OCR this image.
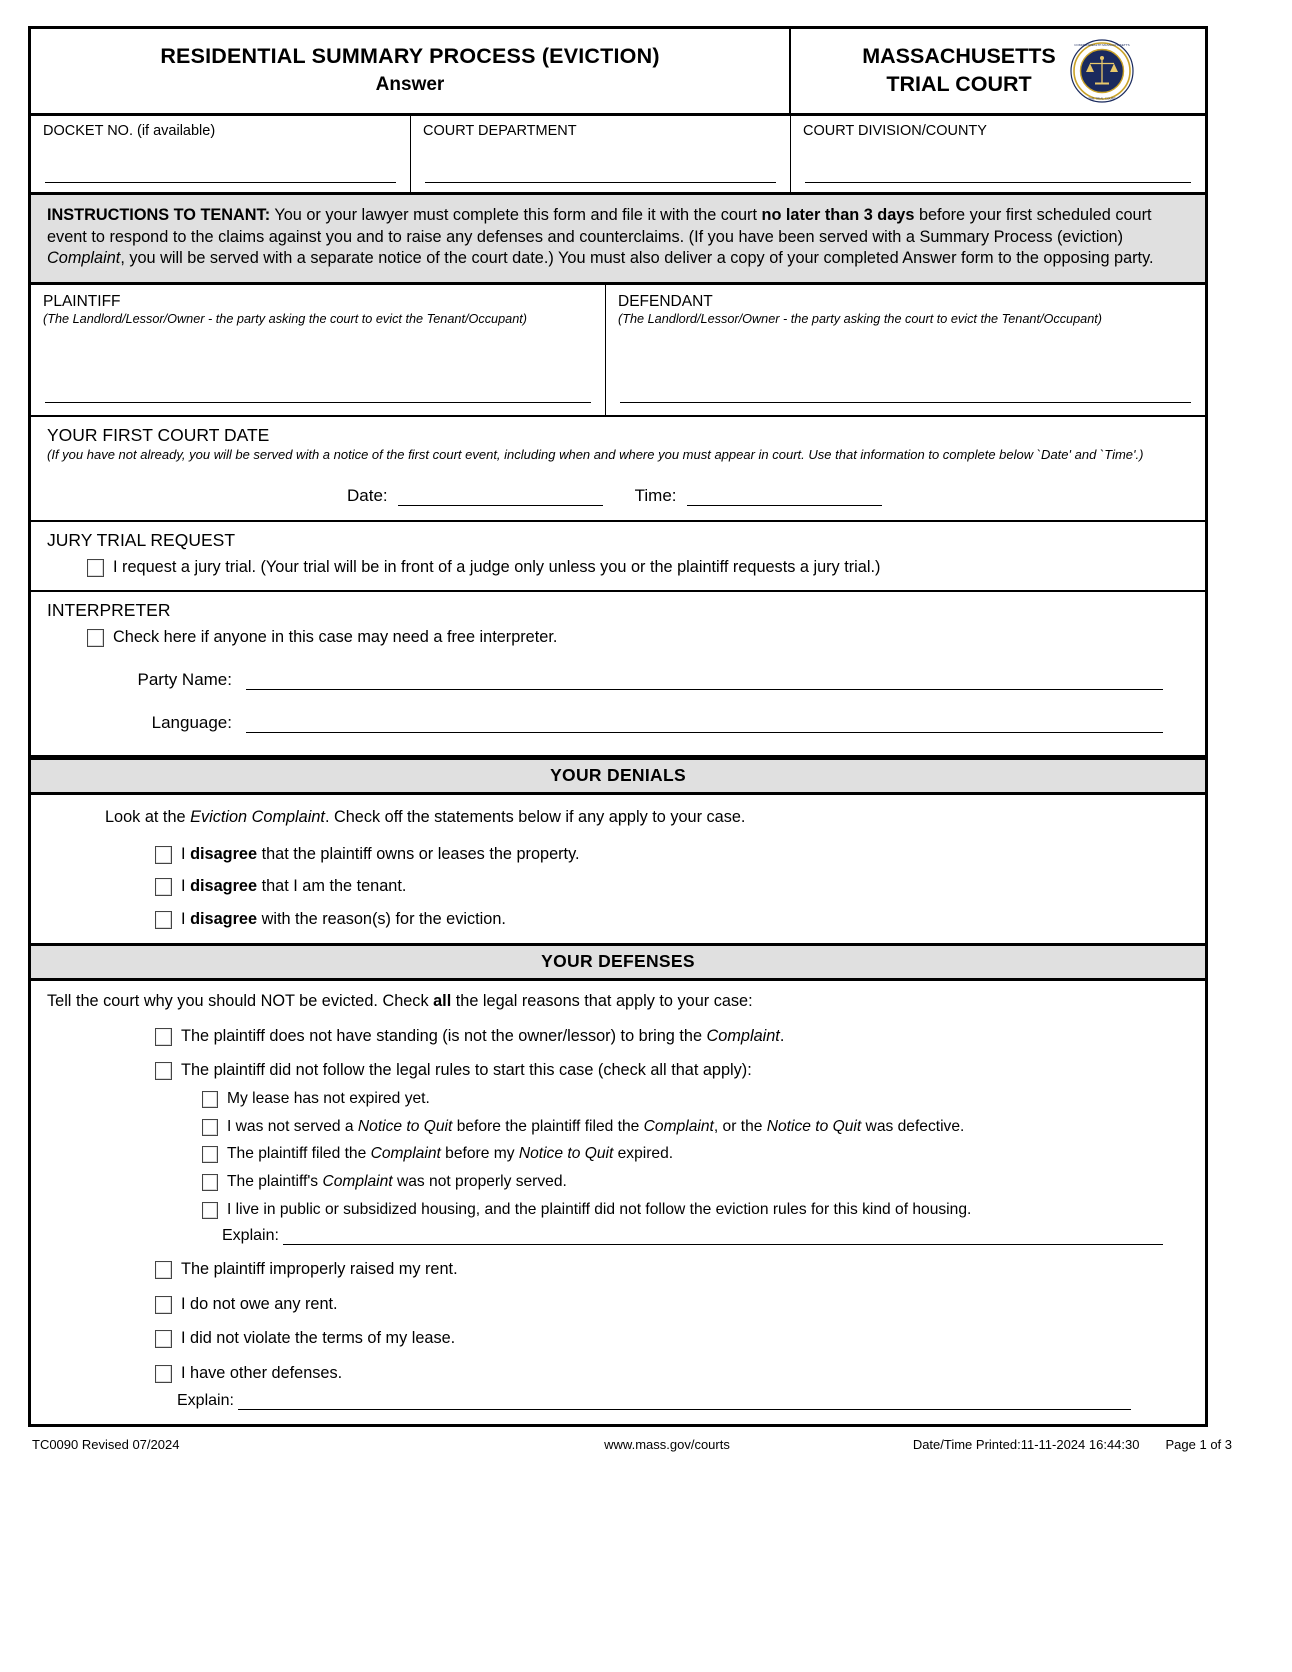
RESIDENTIAL SUMMARY PROCESS (EVICTION)
Answer
MASSACHUSETTS
TRIAL COURT
COMMONWEALTH MASSACHUSETTS
THE TRIAL COURT
DOCKET NO. (if available)	COURT DEPARTMENT	COURT DIVISION/COUNTY
INSTRUCTIONS TO TENANT: You or your lawyer must complete this form and file it with the court no later than 3 days before your first scheduled court event to respond to the claims against you and to raise any defenses and counterclaims. (If you have been served with a Summary Process (eviction) Complaint, you will be served with a separate notice of the court date.) You must also deliver a copy of your completed Answer form to the opposing party.
PLAINTIFF
(The Landlord/Lessor/Owner - the party asking the court to evict the Tenant/Occupant)
DEFENDANT
(The Landlord/Lessor/Owner - the party asking the court to evict the Tenant/Occupant)
YOUR FIRST COURT DATE
(If you have not already, you will be served with a notice of the first court event, including when and where you must appear in court. Use that information to complete below `Date' and `Time'.)
Date:	Time:
JURY TRIAL REQUEST
I request a jury trial. (Your trial will be in front of a judge only unless you or the plaintiff requests a jury trial.)
INTERPRETER
Check here if anyone in this case may need a free interpreter.
Party Name:
Language:
YOUR DENIALS
Look at the Eviction Complaint. Check off the statements below if any apply to your case.
I disagree that the plaintiff owns or leases the property.
I disagree that I am the tenant.
I disagree with the reason(s) for the eviction.
YOUR DEFENSES
Tell the court why you should NOT be evicted. Check all the legal reasons that apply to your case:
The plaintiff does not have standing (is not the owner/lessor) to bring the Complaint.
The plaintiff did not follow the legal rules to start this case (check all that apply):
My lease has not expired yet.
I was not served a Notice to Quit before the plaintiff filed the Complaint, or the Notice to Quit was defective.
The plaintiff filed the Complaint before my Notice to Quit expired.
The plaintiff's Complaint was not properly served.
I live in public or subsidized housing, and the plaintiff did not follow the eviction rules for this kind of housing.
Explain:
The plaintiff improperly raised my rent.
I do not owe any rent.
I did not violate the terms of my lease.
I have other defenses.
Explain:
TC0090 Revised 07/2024	www.mass.gov/courts	Date/Time Printed:11-11-2024 16:44:30 Page 1 of 3
